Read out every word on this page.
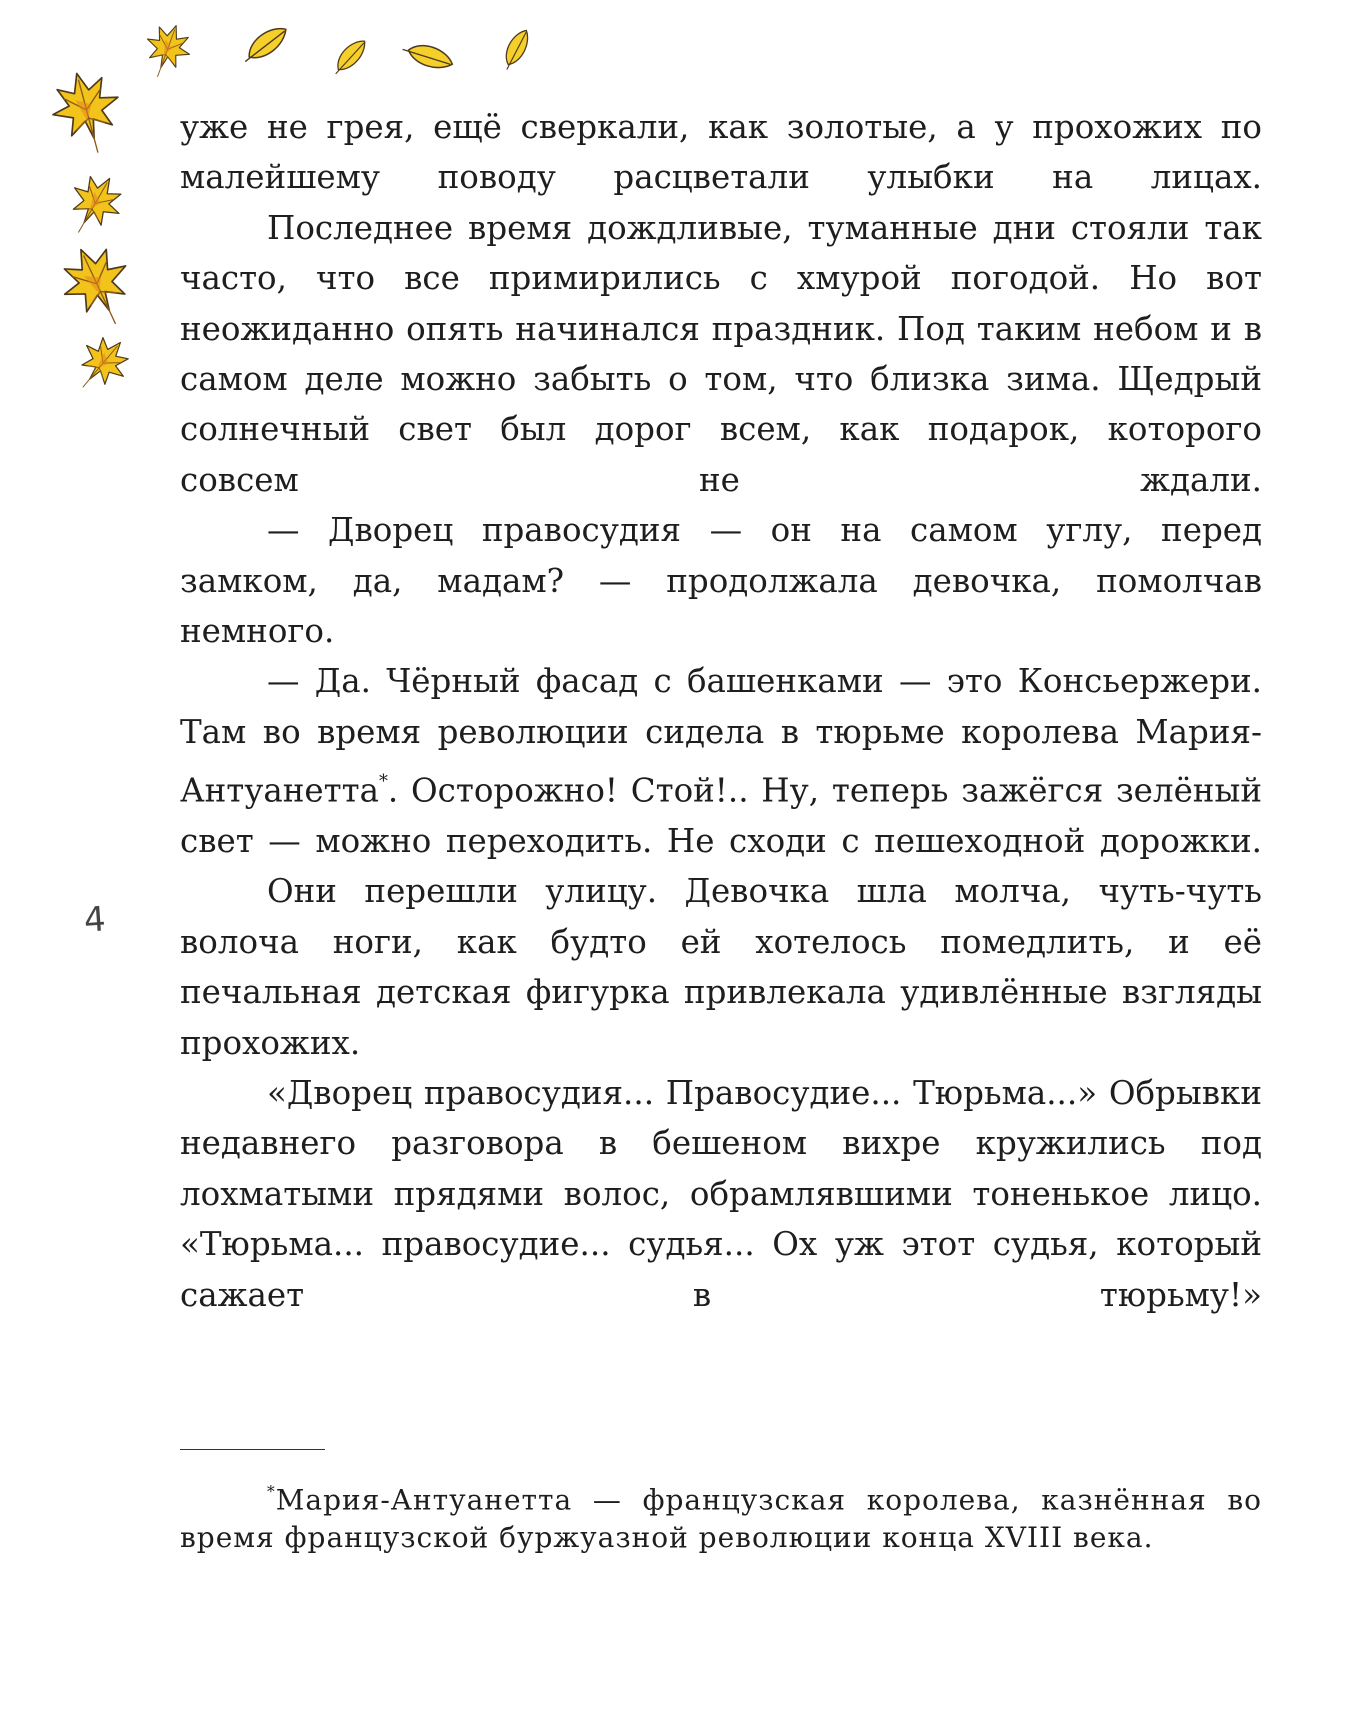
уже не грея, ещё сверкали, как золотые, а у прохожих по малейшему поводу расцветали улыбки на лицах.

Последнее время дождливые, туманные дни стояли так часто, что все примирились с хмурой погодой. Но вот неожиданно опять начинался праздник. Под таким небом и в самом деле можно забыть о том, что близка зима. Щедрый солнечный свет был дорог всем, как подарок, которого совсем не ждали.

— Дворец правосудия — он на самом углу, перед замком, да, мадам? — продолжала девочка, помолчав немного.

— Да. Чёрный фасад с башенками — это Консьержери. Там во время революции сидела в тюрьме королева Мария-Антуанетта*. Осторожно! Стой!.. Ну, теперь зажёгся зелёный свет — можно переходить. Не сходи с пешеходной дорожки.

Они перешли улицу. Девочка шла молча, чуть-чуть волоча ноги, как будто ей хотелось помедлить, и её печальная детская фигурка привлекала удивлённые взгляды прохожих.

«Дворец правосудия... Правосудие... Тюрьма...» Обрывки недавнего разговора в бешеном вихре кружились под лохматыми прядями волос, обрамлявшими тоненькое лицо. «Тюрьма... правосудие... судья... Ох уж этот судья, который сажает в тюрьму!»

4

*Мария-Антуанетта — французская королева, казнённая во время французской буржуазной революции конца XVIII века.
